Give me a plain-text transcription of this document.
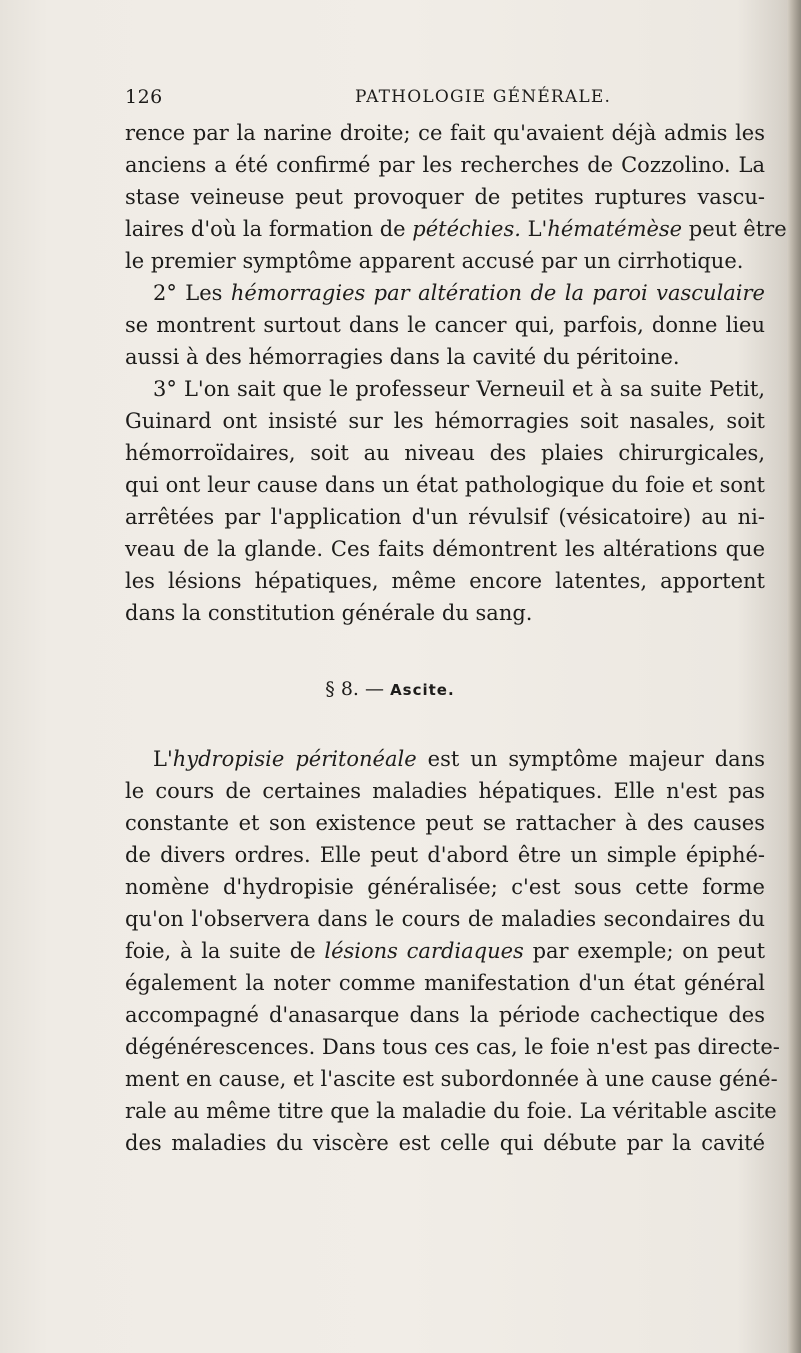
126	PATHOLOGIE GÉNÉRALE.
rence par la narine droite; ce fait qu'avaient déjà admis les
anciens a été confirmé par les recherches de Cozzolino. La
stase veineuse peut provoquer de petites ruptures vascu-
laires d'où la formation de pétéchies. L'hématémèse peut être
le premier symptôme apparent accusé par un cirrhotique.
2° Les hémorragies par altération de la paroi vasculaire
se montrent surtout dans le cancer qui, parfois, donne lieu
aussi à des hémorragies dans la cavité du péritoine.
3° L'on sait que le professeur Verneuil et à sa suite Petit,
Guinard ont insisté sur les hémorragies soit nasales, soit
hémorroïdaires, soit au niveau des plaies chirurgicales,
qui ont leur cause dans un état pathologique du foie et sont
arrêtées par l'application d'un révulsif (vésicatoire) au ni-
veau de la glande. Ces faits démontrent les altérations que
les lésions hépatiques, même encore latentes, apportent
dans la constitution générale du sang.
§ 8. — Ascite.
L'hydropisie péritonéale est un symptôme majeur dans
le cours de certaines maladies hépatiques. Elle n'est pas
constante et son existence peut se rattacher à des causes
de divers ordres. Elle peut d'abord être un simple épiphé-
nomène d'hydropisie généralisée; c'est sous cette forme
qu'on l'observera dans le cours de maladies secondaires du
foie, à la suite de lésions cardiaques par exemple; on peut
également la noter comme manifestation d'un état général
accompagné d'anasarque dans la période cachectique des
dégénérescences. Dans tous ces cas, le foie n'est pas directe-
ment en cause, et l'ascite est subordonnée à une cause géné-
rale au même titre que la maladie du foie. La véritable ascite
des maladies du viscère est celle qui débute par la cavité
